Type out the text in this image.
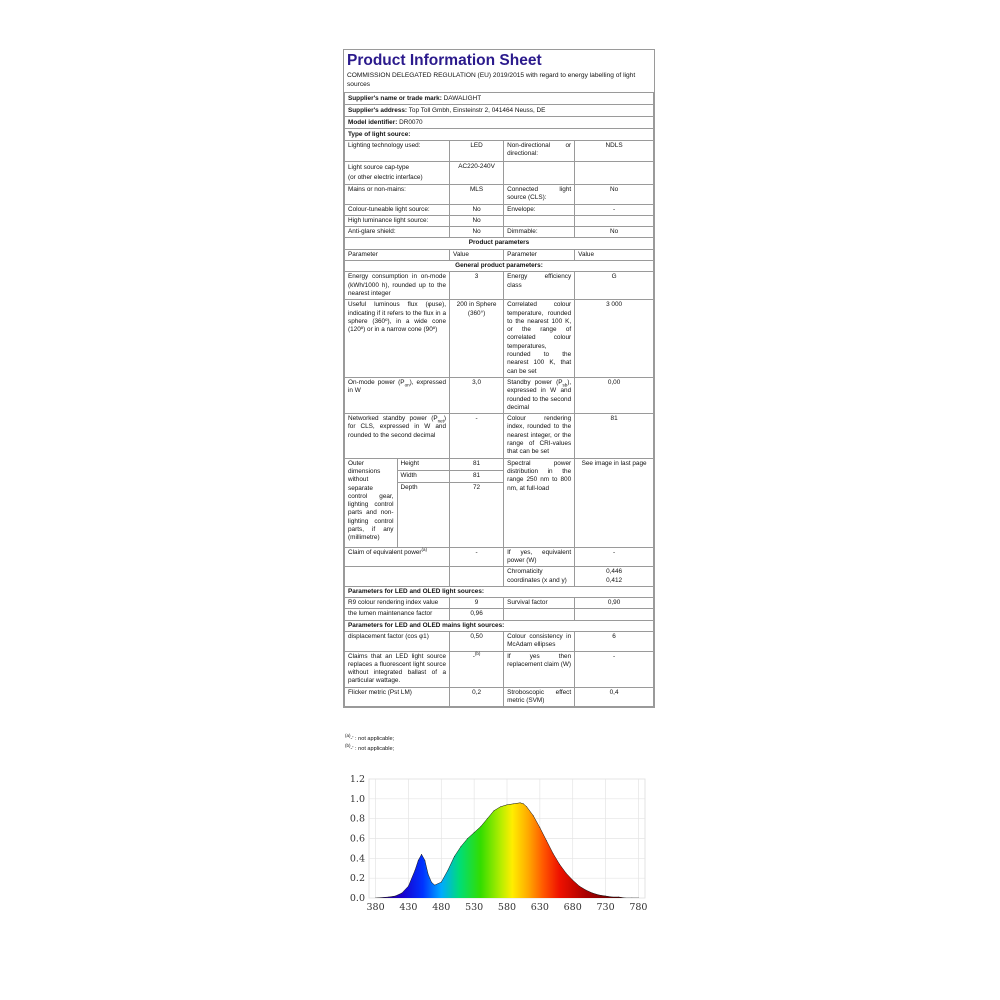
Product Information Sheet
COMMISSION DELEGATED REGULATION (EU) 2019/2015 with regard to energy labelling of light sources
Supplier's name or trade mark: DAWALIGHT				
Supplier's address: Top Toll Gmbh, Einsteinstr 2, 041464 Neuss, DE				
Model identifier: DR0070				
Type of light source:				
Lighting technology used:		LED	Non-directional or directional:	NDLS
Light source cap-type
(or other electric interface)		AC220-240V		
Mains or non-mains:		MLS	Connected light source (CLS):	No
Colour-tuneable light source:		No	Envelope:	-
High luminance light source:		No		
Anti-glare shield:		No	Dimmable:	No
Product parameters				
Parameter		Value	Parameter	Value
General product parameters:				
Energy consumption in on-mode (kWh/1000 h), rounded up to the nearest integer		3	Energy efficiency class	G
Useful luminous flux (φuse), indicating if it refers to the flux in a sphere (360º), in a wide cone (120º) or in a narrow cone (90º)		200 in Sphere (360°)	Correlated colour temperature, rounded to the nearest 100 K, or the range of correlated colour temperatures, rounded to the nearest 100 K, that can be set	3 000
On-mode power $(P_{on})$, expressed in W		3,0	Standby power $(P_{sb})$, expressed in W and rounded to the second decimal	0,00
Networked standby power $(P_{net})$ for CLS, expressed in W and rounded to the second decimal		-	Colour rendering index, rounded to the nearest integer, or the range of CRI-values that can be set	81
Outer dimensions without separate control gear, lighting control parts and non-lighting control parts, if any (millimetre)	Height	81	Spectral power distribution in the range 250 nm to 800 nm, at full-load	See image in last page
	Width	81		
	Depth	72		
Claim of equivalent power$^{(a)}$		-	If yes, equivalent power (W)	-
			Chromaticity coordinates (x and y)	0,446
0,412
Parameters for LED and OLED light sources:				
R9 colour rendering index value		9	Survival factor	0,90
the lumen maintenance factor		0,96		
Parameters for LED and OLED mains light sources:				
displacement factor (cos φ1)		0,50	Colour consistency in McAdam ellipses	6
Claims that an LED light source replaces a fluorescent light source without integrated ballast of a particular wattage.		-$^{(b)}$	If yes then replacement claim (W)	-
Flicker metric (Pst LM)		0,2	Stroboscopic effect metric (SVM)	0,4
$^{(a)}$-' : not applicable;
$^{(b)}$-' : not applicable;
380 430 480 530 580 630 680 730 780
0.0
0.2
0.4
0.6
0.8
1.0
1.2
